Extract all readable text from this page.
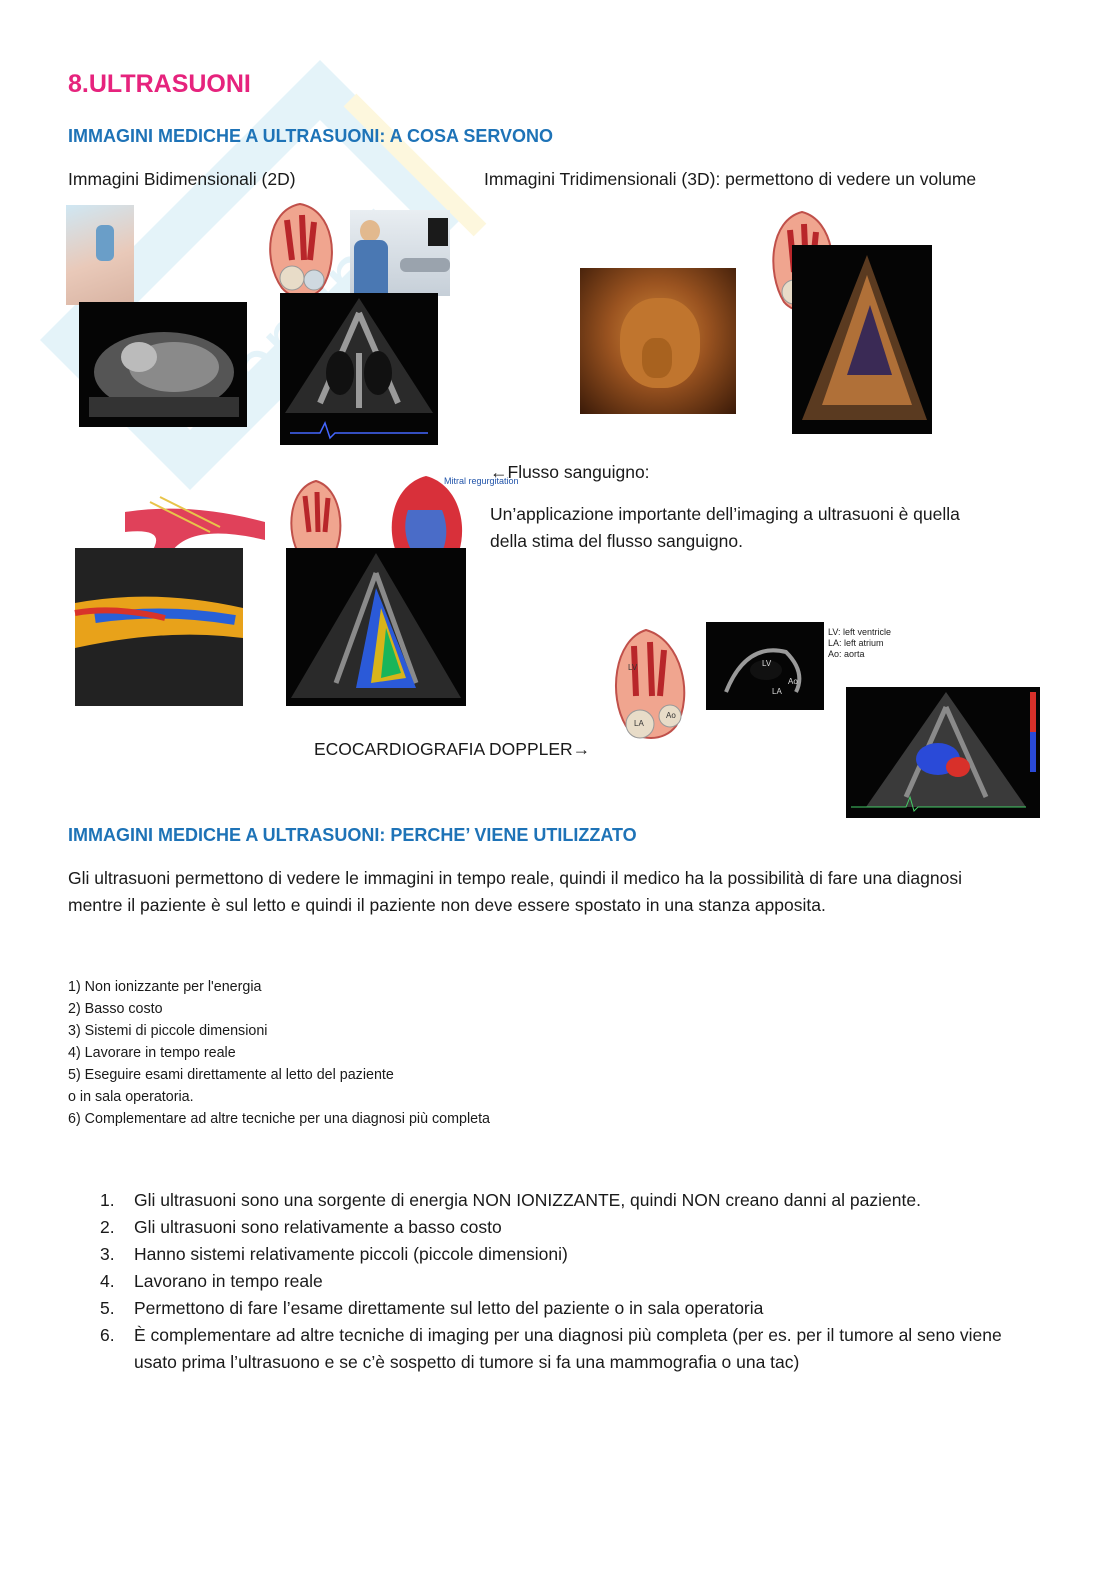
8.ULTRASUONI
IMMAGINI MEDICHE A ULTRASUONI: A COSA SERVONO
Immagini Bidimensionali (2D)	Immagini Tridimensionali (3D): permettono di vedere un volume
Mitral regurgitation
←Flusso sanguigno:
Un’applicazione importante dell’imaging a ultrasuoni è quella
della stima del flusso sanguigno.
ECOCARDIOGRAFIA DOPPLER→
LV
LA
Ao
LV
LA
Ao
LV: left ventricle
LA: left atrium
Ao: aorta
IMMAGINI MEDICHE A ULTRASUONI: PERCHE’ VIENE UTILIZZATO
Gli ultrasuoni permettono di vedere le immagini in tempo reale, quindi il medico ha la possibilità di fare una diagnosi
mentre il paziente è sul letto e quindi il paziente non deve essere spostato in una stanza apposita.
1) Non ionizzante per l'energia
2) Basso costo
3) Sistemi di piccole dimensioni
4) Lavorare in tempo reale
5) Eseguire esami direttamente al letto del paziente
o in sala operatoria.
6) Complementare ad altre tecniche per una diagnosi più completa
1. Gli ultrasuoni sono una sorgente di energia NON IONIZZANTE, quindi NON creano danni al paziente.
2. Gli ultrasuoni sono relativamente a basso costo
3. Hanno sistemi relativamente piccoli (piccole dimensioni)
4. Lavorano in tempo reale
5. Permettono di fare l’esame direttamente sul letto del paziente o in sala operatoria
6. È complementare ad altre tecniche di imaging per una diagnosi più completa (per es. per il tumore al seno viene usato prima l’ultrasuono e se c’è sospetto di tumore si fa una mammografia o una tac)
